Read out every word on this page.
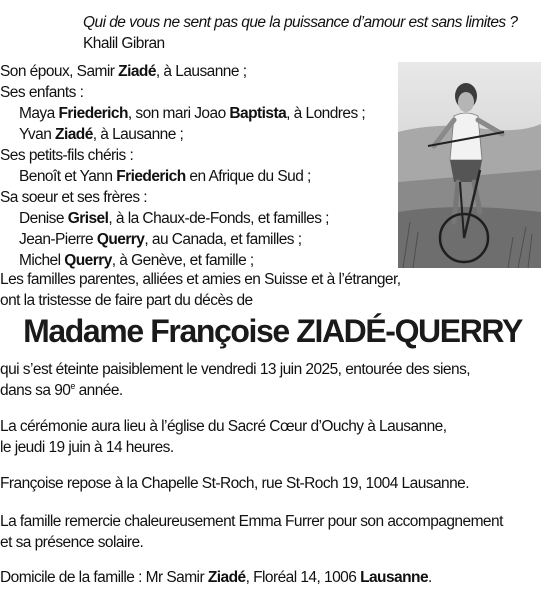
Qui de vous ne sent pas que la puissance d’amour est sans limites ?
Khalil Gibran
Son époux, Samir Ziadé, à Lausanne ;
Ses enfants :
Maya Friederich, son mari Joao Baptista, à Londres ;
Yvan Ziadé, à Lausanne ;
Ses petits-fils chéris :
Benoît et Yann Friederich en Afrique du Sud ;
Sa soeur et ses frères :
Denise Grisel, à la Chaux-de-Fonds, et familles ;
Jean-Pierre Querry, au Canada, et familles ;
Michel Querry, à Genève, et famille ;
Les familles parentes, alliées et amies en Suisse et à l’étranger,
ont la tristesse de faire part du décès de
Madame Françoise ZIADÉ-QUERRY
qui s’est éteinte paisiblement le vendredi 13 juin 2025, entourée des siens,
dans sa 90e année.
La cérémonie aura lieu à l’église du Sacré Cœur d’Ouchy à Lausanne,
le jeudi 19 juin à 14 heures.
Françoise repose à la Chapelle St-Roch, rue St-Roch 19, 1004 Lausanne.
La famille remercie chaleureusement Emma Furrer pour son accompagnement
et sa présence solaire.
Domicile de la famille : Mr Samir Ziadé, Floréal 14, 1006 Lausanne.
